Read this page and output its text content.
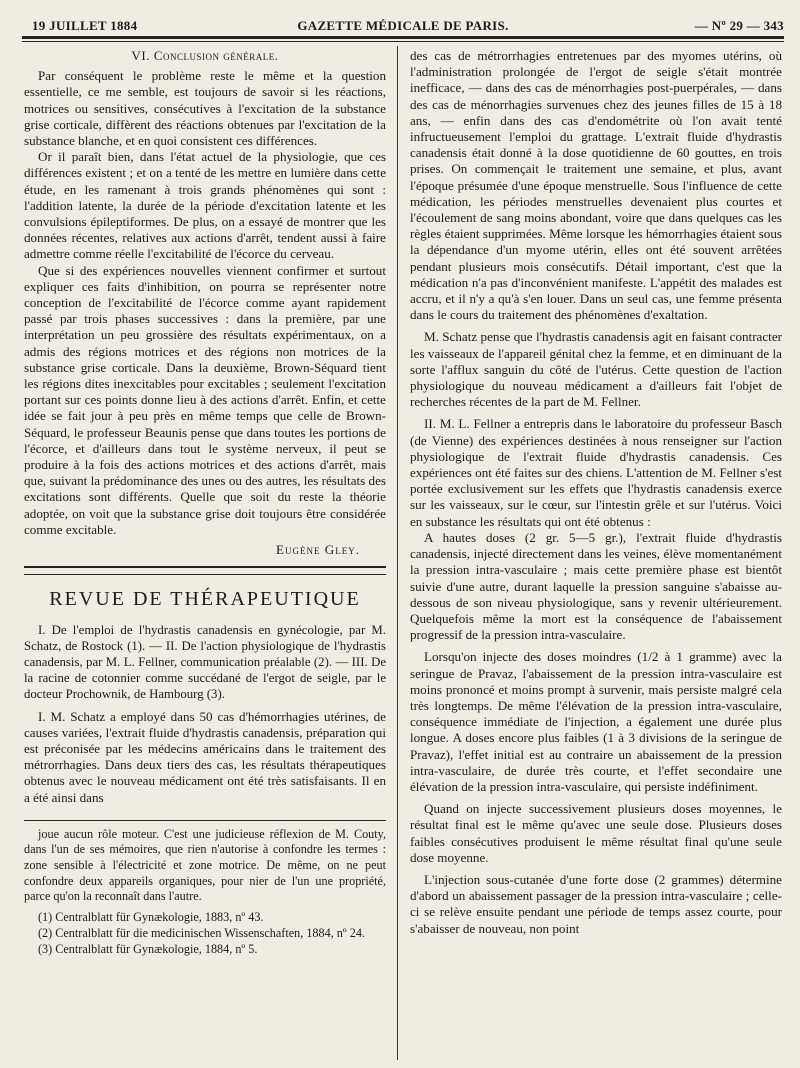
19 JUILLET 1884	GAZETTE MÉDICALE DE PARIS.	— Nº 29 — 343

VI. Conclusion générale.

Par conséquent le problème reste le même et la question essentielle, ce me semble, est toujours de savoir si les réactions, motrices ou sensitives, consécutives à l'excitation de la substance grise corticale, diffèrent des réactions obtenues par l'excitation de la substance blanche, et en quoi consistent ces différences.

Or il paraît bien, dans l'état actuel de la physiologie, que ces différences existent ; et on a tenté de les mettre en lumière dans cette étude, en les ramenant à trois grands phénomènes qui sont : l'addition latente, la durée de la période d'excitation latente et les convulsions épileptiformes. De plus, on a essayé de montrer que les données récentes, relatives aux actions d'arrêt, tendent aussi à faire admettre comme réelle l'excitabilité de l'écorce du cerveau.

Que si des expériences nouvelles viennent confirmer et surtout expliquer ces faits d'inhibition, on pourra se représenter notre conception de l'excitabilité de l'écorce comme ayant rapidement passé par trois phases successives : dans la première, par une interprétation un peu grossière des résultats expérimentaux, on a admis des régions motrices et des régions non motrices de la substance grise corticale. Dans la deuxième, Brown-Séquard tient les régions dites inexcitables pour excitables ; seulement l'excitation portant sur ces points donne lieu à des actions d'arrêt. Enfin, et cette idée se fait jour à peu près en même temps que celle de Brown-Séquard, le professeur Beaunis pense que dans toutes les portions de l'écorce, et d'ailleurs dans tout le système nerveux, il peut se produire à la fois des actions motrices et des actions d'arrêt, mais que, suivant la prédominance des unes ou des autres, les résultats des excitations sont différents. Quelle que soit du reste la théorie adoptée, on voit que la substance grise doit toujours être considérée comme excitable.

Eugène Gley.

REVUE DE THÉRAPEUTIQUE

I. De l'emploi de l'hydrastis canadensis en gynécologie, par M. Schatz, de Rostock (1). — II. De l'action physiologique de l'hydrastis canadensis, par M. L. Fellner, communication préalable (2). — III. De la racine de cotonnier comme succédané de l'ergot de seigle, par le docteur Prochownik, de Hambourg (3).

I. M. Schatz a employé dans 50 cas d'hémorrhagies utérines, de causes variées, l'extrait fluide d'hydrastis canadensis, préparation qui est préconisée par les médecins américains dans le traitement des métrorrhagies. Dans deux tiers des cas, les résultats thérapeutiques obtenus avec le nouveau médicament ont été très satisfaisants. Il en a été ainsi dans

joue aucun rôle moteur. C'est une judicieuse réflexion de M. Couty, dans l'un de ses mémoires, que rien n'autorise à confondre les termes : zone sensible à l'électricité et zone motrice. De même, on ne peut confondre deux appareils organiques, pour nier de l'un une propriété, parce qu'on la reconnaît dans l'autre.

(1) Centralblatt für Gynækologie, 1883, nº 43.

(2) Centralblatt für die medicinischen Wissenschaften, 1884, nº 24.

(3) Centralblatt für Gynækologie, 1884, nº 5.

des cas de métrorrhagies entretenues par des myomes utérins, où l'administration prolongée de l'ergot de seigle s'était montrée inefficace, — dans des cas de ménorrhagies post-puerpérales, — dans des cas de ménorrhagies survenues chez des jeunes filles de 15 à 18 ans, — enfin dans des cas d'endométrite où l'on avait tenté infructueusement l'emploi du grattage. L'extrait fluide d'hydrastis canadensis était donné à la dose quotidienne de 60 gouttes, en trois prises. On commençait le traitement une semaine, et plus, avant l'époque présumée d'une époque menstruelle. Sous l'influence de cette médication, les périodes menstruelles devenaient plus courtes et l'écoulement de sang moins abondant, voire que dans quelques cas les règles étaient supprimées. Même lorsque les hémorrhagies étaient sous la dépendance d'un myome utérin, elles ont été souvent arrêtées pendant plusieurs mois consécutifs. Détail important, c'est que la médication n'a pas d'inconvénient manifeste. L'appétit des malades est accru, et il n'y a qu'à s'en louer. Dans un seul cas, une femme présenta dans le cours du traitement des phénomènes d'exaltation.

M. Schatz pense que l'hydrastis canadensis agit en faisant contracter les vaisseaux de l'appareil génital chez la femme, et en diminuant de la sorte l'afflux sanguin du côté de l'utérus. Cette question de l'action physiologique du nouveau médicament a d'ailleurs fait l'objet de recherches récentes de la part de M. Fellner.

II. M. L. Fellner a entrepris dans le laboratoire du professeur Basch (de Vienne) des expériences destinées à nous renseigner sur l'action physiologique de l'extrait fluide d'hydrastis canadensis. Ces expériences ont été faites sur des chiens. L'attention de M. Fellner s'est portée exclusivement sur les effets que l'hydrastis canadensis exerce sur les vaisseaux, sur le cœur, sur l'intestin grêle et sur l'utérus. Voici en substance les résultats qui ont été obtenus :

A hautes doses (2 gr. 5—5 gr.), l'extrait fluide d'hydrastis canadensis, injecté directement dans les veines, élève momentanément la pression intra-vasculaire ; mais cette première phase est bientôt suivie d'une autre, durant laquelle la pression sanguine s'abaisse au-dessous de son niveau physiologique, sans y revenir ultérieurement. Quelquefois même la mort est la conséquence de l'abaissement progressif de la pression intra-vasculaire.

Lorsqu'on injecte des doses moindres (1/2 à 1 gramme) avec la seringue de Pravaz, l'abaissement de la pression intra-vasculaire est moins prononcé et moins prompt à survenir, mais persiste malgré cela très longtemps. De même l'élévation de la pression intra-vasculaire, conséquence immédiate de l'injection, a également une durée plus longue. A doses encore plus faibles (1 à 3 divisions de la seringue de Pravaz), l'effet initial est au contraire un abaissement de la pression intra-vasculaire, de durée très courte, et l'effet secondaire une élévation de la pression intra-vasculaire, qui persiste indéfiniment.

Quand on injecte successivement plusieurs doses moyennes, le résultat final est le même qu'avec une seule dose. Plusieurs doses faibles consécutives produisent le même résultat final qu'une seule dose moyenne.

L'injection sous-cutanée d'une forte dose (2 grammes) détermine d'abord un abaissement passager de la pression intra-vasculaire ; celle-ci se relève ensuite pendant une période de temps assez courte, pour s'abaisser de nouveau, non point
